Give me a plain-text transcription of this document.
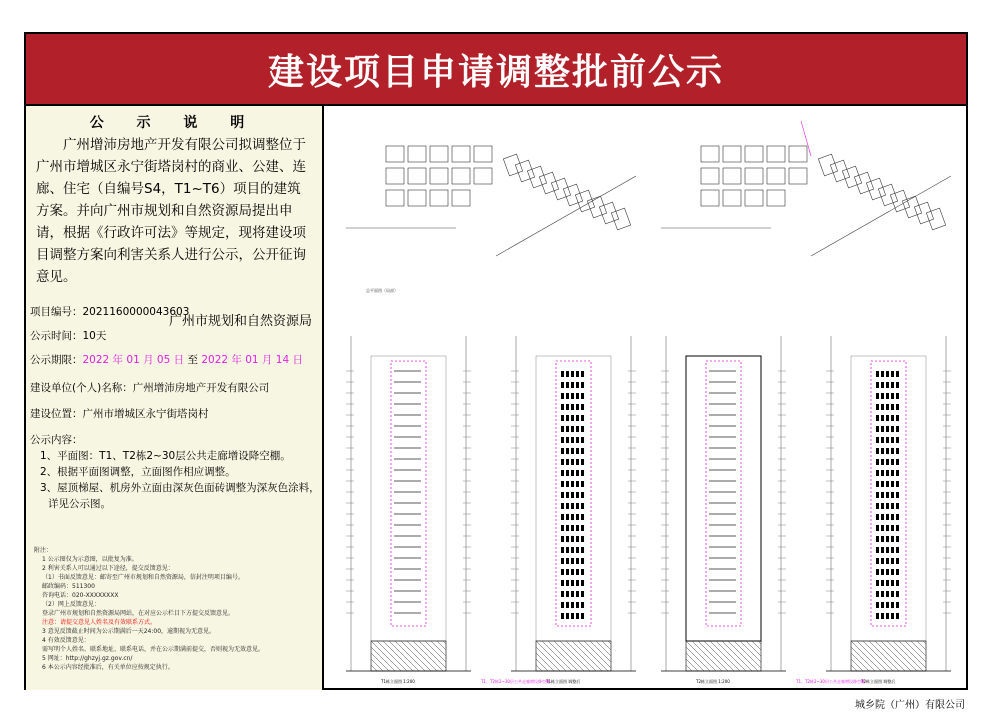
建设项目申请调整批前公示
公 示 说 明
广州增沛房地产开发有限公司拟调整位于广州市增城区永宁街塔岗村的商业、公建、连廊、住宅（自编号S4，T1~T6）项目的建筑方案。并向广州市规划和自然资源局提出申请，根据《行政许可法》等规定，现将建设项目调整方案向利害关系人进行公示，公开征询意见。
广州市规划和自然资源局
项目编号：2021160000043603
公示时间：10天
公示期限：2022 年 01 月 05 日 至 2022 年 01 月 14 日
建设单位(个人)名称：广州增沛房地产开发有限公司
建设位置：广州市增城区永宁街塔岗村
公示内容：
1、平面图：T1、T2栋2~30层公共走廊增设降空棚。
2、根据平面图调整，立面图作相应调整。
3、屋顶梯屋、机房外立面由深灰色面砖调整为深灰色涂料，
详见公示图。
附注：
1 公示图仅为示意图，以批复为准。
2 利害关系人可以通过以下途径，提交反馈意见：
（1）书面反馈意见：邮寄至广州市规划和自然资源局，信封注明项目编号。
邮政编码：511300
咨询电话：020-XXXXXXXX
（2）网上反馈意见：
登录广州市规划和自然资源局网站，在对应公示栏目下方提交反馈意见。
注意：请提交意见人姓名及有效联系方式。
3 意见反馈截止时间为公示期满后一天24:00，逾期视为无意见。
4 有效反馈意见：
需写明个人姓名、联系地址、联系电话，并在公示期满前提交，否则视为无效意见。
5 网址：http://ghzyj.gz.gov.cn/
6 本公示内容经批准后，有关单位应按规定执行。
总平面图（局部）
T1栋立面图 1:200	T1栋立面图 调整后
T1、T2栋2~30层公共走廊增设降空棚	T2栋立面图 1:200	T2栋立面图 调整后
T1、T2栋2~30层公共走廊增设降空棚
城乡院（广州）有限公司
